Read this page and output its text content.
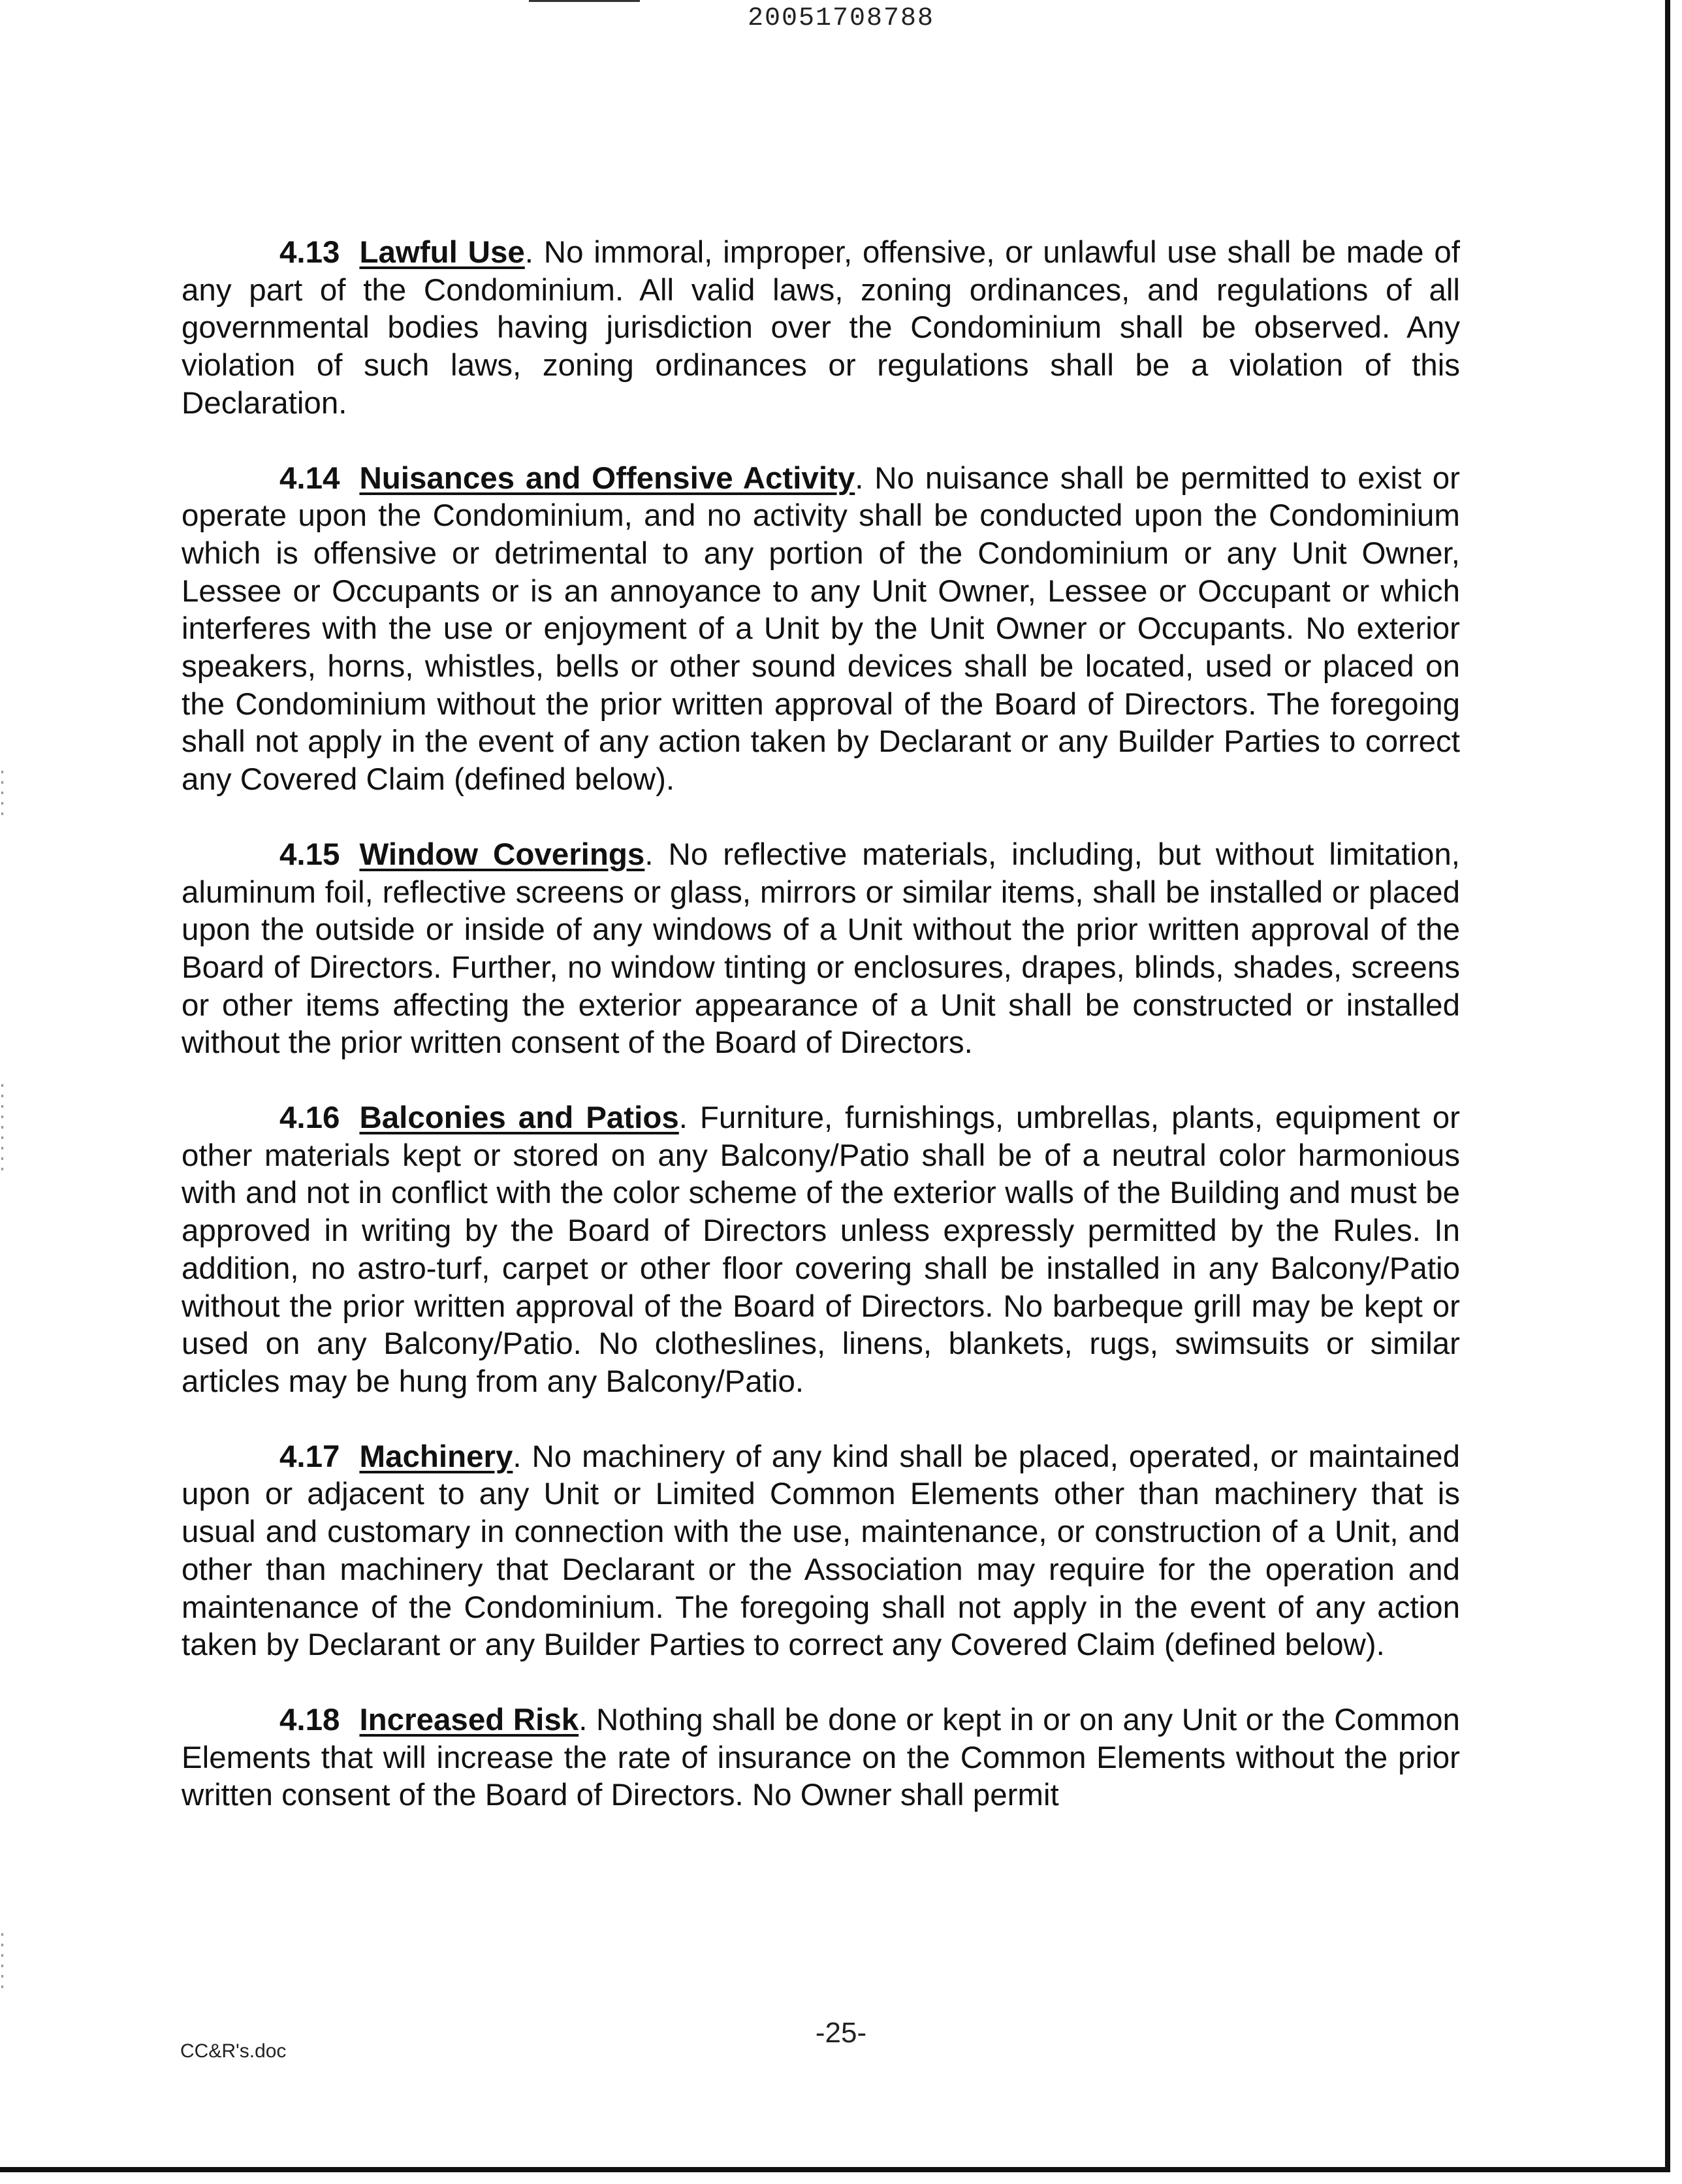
20051708788

4.13 Lawful Use. No immoral, improper, offensive, or unlawful use shall be made of any part of the Condominium. All valid laws, zoning ordinances, and regulations of all governmental bodies having jurisdiction over the Condominium shall be observed. Any violation of such laws, zoning ordinances or regulations shall be a violation of this Declaration.

4.14 Nuisances and Offensive Activity. No nuisance shall be permitted to exist or operate upon the Condominium, and no activity shall be conducted upon the Condominium which is offensive or detrimental to any portion of the Condominium or any Unit Owner, Lessee or Occupants or is an annoyance to any Unit Owner, Lessee or Occupant or which interferes with the use or enjoyment of a Unit by the Unit Owner or Occupants. No exterior speakers, horns, whistles, bells or other sound devices shall be located, used or placed on the Condominium without the prior written approval of the Board of Directors. The foregoing shall not apply in the event of any action taken by Declarant or any Builder Parties to correct any Covered Claim (defined below).

4.15 Window Coverings. No reflective materials, including, but without limitation, aluminum foil, reflective screens or glass, mirrors or similar items, shall be installed or placed upon the outside or inside of any windows of a Unit without the prior written approval of the Board of Directors. Further, no window tinting or enclosures, drapes, blinds, shades, screens or other items affecting the exterior appearance of a Unit shall be constructed or installed without the prior written consent of the Board of Directors.

4.16 Balconies and Patios. Furniture, furnishings, umbrellas, plants, equipment or other materials kept or stored on any Balcony/Patio shall be of a neutral color harmonious with and not in conflict with the color scheme of the exterior walls of the Building and must be approved in writing by the Board of Directors unless expressly permitted by the Rules. In addition, no astro-turf, carpet or other floor covering shall be installed in any Balcony/Patio without the prior written approval of the Board of Directors. No barbeque grill may be kept or used on any Balcony/Patio. No clotheslines, linens, blankets, rugs, swimsuits or similar articles may be hung from any Balcony/Patio.

4.17 Machinery. No machinery of any kind shall be placed, operated, or maintained upon or adjacent to any Unit or Limited Common Elements other than machinery that is usual and customary in connection with the use, maintenance, or construction of a Unit, and other than machinery that Declarant or the Association may require for the operation and maintenance of the Condominium. The foregoing shall not apply in the event of any action taken by Declarant or any Builder Parties to correct any Covered Claim (defined below).

4.18 Increased Risk. Nothing shall be done or kept in or on any Unit or the Common Elements that will increase the rate of insurance on the Common Elements without the prior written consent of the Board of Directors. No Owner shall permit

-25-
CC&R's.doc
